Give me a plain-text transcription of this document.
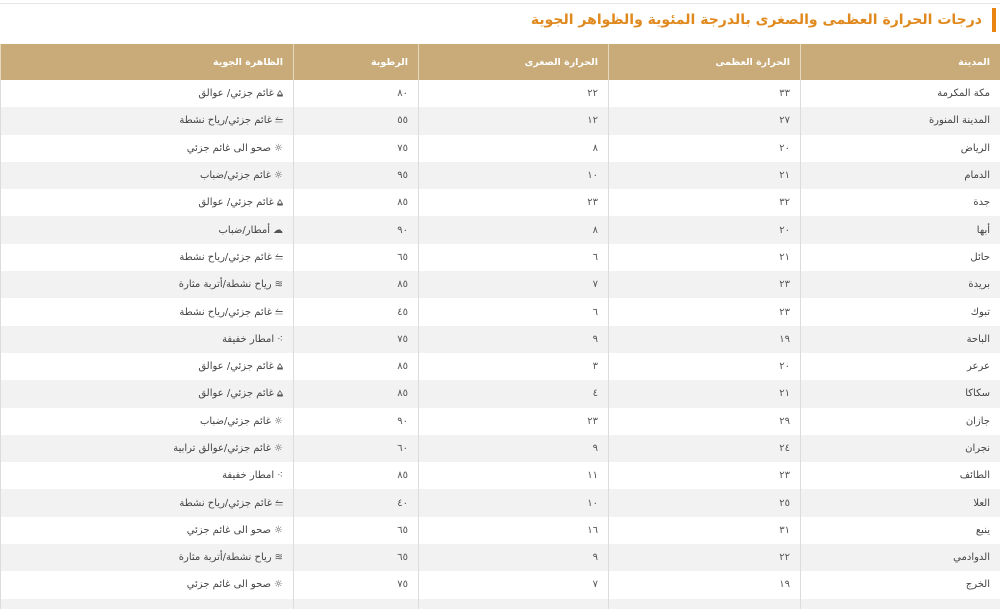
درجات الحرارة العظمى والصغرى بالدرجة المئوية والظواهر الجوية
المدينة	الحرارة العظمى	الحرارة الصغرى	الرطوبة	الظاهرة الجوية
مكة المكرمة	٣٣	٢٢	٨٠	⩠غائم جزئي/ عوالق
المدينة المنورة	٢٧	١٢	٥٥	⥪غائم جزئي/رياح نشطة
الرياض	٢٠	٨	٧٥	☼صحو الى غائم جزئي
الدمام	٢١	١٠	٩٥	☼غائم جزئي/ضباب
جدة	٣٢	٢٣	٨٥	⩠غائم جزئي/ عوالق
أبها	٢٠	٨	٩٠	☁أمطار/ضباب
حائل	٢١	٦	٦٥	⥪غائم جزئي/رياح نشطة
بريدة	٢٣	٧	٨٥	≋رياح نشطة/أتربة مثارة
تبوك	٢٣	٦	٤٥	⥪غائم جزئي/رياح نشطة
الباحة	١٩	٩	٧٥	⁖امطار خفيفة
عرعر	٢٠	٣	٨٥	⩠غائم جزئي/ عوالق
سكاكا	٢١	٤	٨٥	⩠غائم جزئي/ عوالق
جازان	٢٩	٢٣	٩٠	☼غائم جزئي/ضباب
نجران	٢٤	٩	٦٠	☼غائم جزئي/عوالق ترابية
الطائف	٢٣	١١	٨٥	⁖امطار خفيفة
العلا	٢٥	١٠	٤٠	⥪غائم جزئي/رياح نشطة
ينبع	٣١	١٦	٦٥	☼صحو الى غائم جزئي
الدوادمي	٢٢	٩	٦٥	≋رياح نشطة/أتربة مثارة
الخرج	١٩	٧	٧٥	☼صحو الى غائم جزئي
